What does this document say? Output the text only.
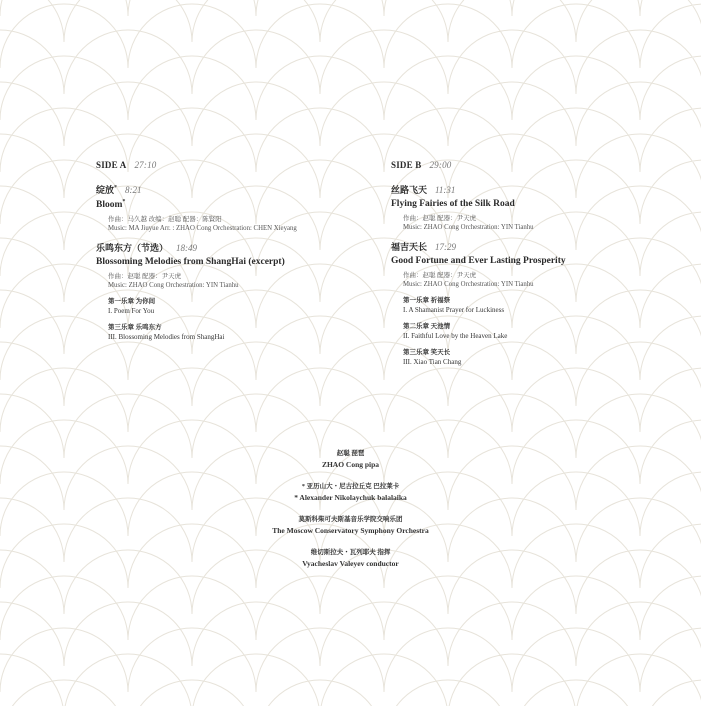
SIDE A 27:10
绽放* 8:21
Bloom*
作曲：马久越 改编：赵聪 配器：陈賢阳
Music: MA Jiuyue Arr. : ZHAO Cong Orchestration: CHEN Xieyang
乐鸣东方（节选） 18:49
Blossoming Melodies from ShangHai (excerpt)
作曲：赵聪 配器：尹天虎
Music: ZHAO Cong Orchestration: YIN Tianhu
第一乐章 为你间
I. Poem For You
第三乐章 乐鸣东方
III. Blossoming Melodies from ShangHai
SIDE B 29:00
丝路飞天 11:31
Flying Fairies of the Silk Road
作曲：赵聪 配器：尹天虎
Music: ZHAO Cong Orchestration: YIN Tianhu
福吉天长 17:29
Good Fortune and Ever Lasting Prosperity
作曲：赵聪 配器：尹天虎
Music: ZHAO Cong Orchestration: YIN Tianhu
第一乐章 祈福祭
I. A Shamanist Prayer for Luckiness
第二乐章 天池情
II. Faithful Love by the Heaven Lake
第三乐章 笑天长
III. Xiao Tian Chang
赵聪 琵琶
ZHAO Cong pipa
* 亚历山大・尼古拉丘克 巴拉莱卡
* Alexander Nikolaychuk balalaika
莫斯科柴可夫斯基音乐学院交响乐团
The Moscow Conservatory Symphony Orchestra
维切斯拉夫・瓦列耶夫 指挥
Vyacheslav Valeyev conductor
